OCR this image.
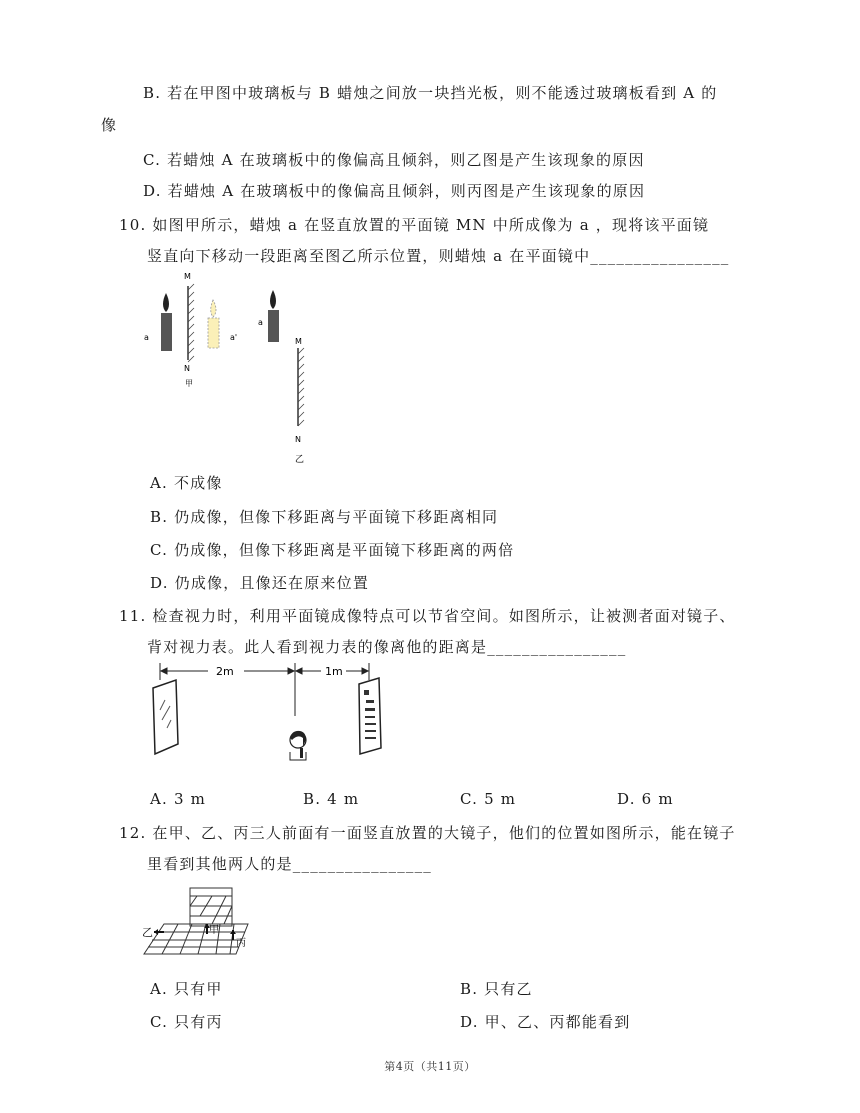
B. 若在甲图中玻璃板与 B 蜡烛之间放一块挡光板，则不能透过玻璃板看到 A 的
像
C. 若蜡烛 A 在玻璃板中的像偏高且倾斜，则乙图是产生该现象的原因
D. 若蜡烛 A 在玻璃板中的像偏高且倾斜，则丙图是产生该现象的原因
10. 如图甲所示，蜡烛 a 在竖直放置的平面镜 MN 中所成像为 a ，现将该平面镜
竖直向下移动一段距离至图乙所示位置，则蜡烛 a 在平面镜中________________
a
M
N
甲
a'
a
M
N
乙
A. 不成像
B. 仍成像，但像下移距离与平面镜下移距离相同
C. 仍成像，但像下移距离是平面镜下移距离的两倍
D. 仍成像，且像还在原来位置
11. 检查视力时，利用平面镜成像特点可以节省空间。如图所示，让被测者面对镜子、
背对视力表。此人看到视力表的像离他的距离是________________
2m	1m
A. 3 m	B. 4 m	C. 5 m	D. 6 m
12. 在甲、乙、丙三人前面有一面竖直放置的大镜子，他们的位置如图所示，能在镜子
里看到其他两人的是________________
乙	甲
丙
A. 只有甲	B. 只有乙
C. 只有丙	D. 甲、乙、丙都能看到
第4页（共11页）
